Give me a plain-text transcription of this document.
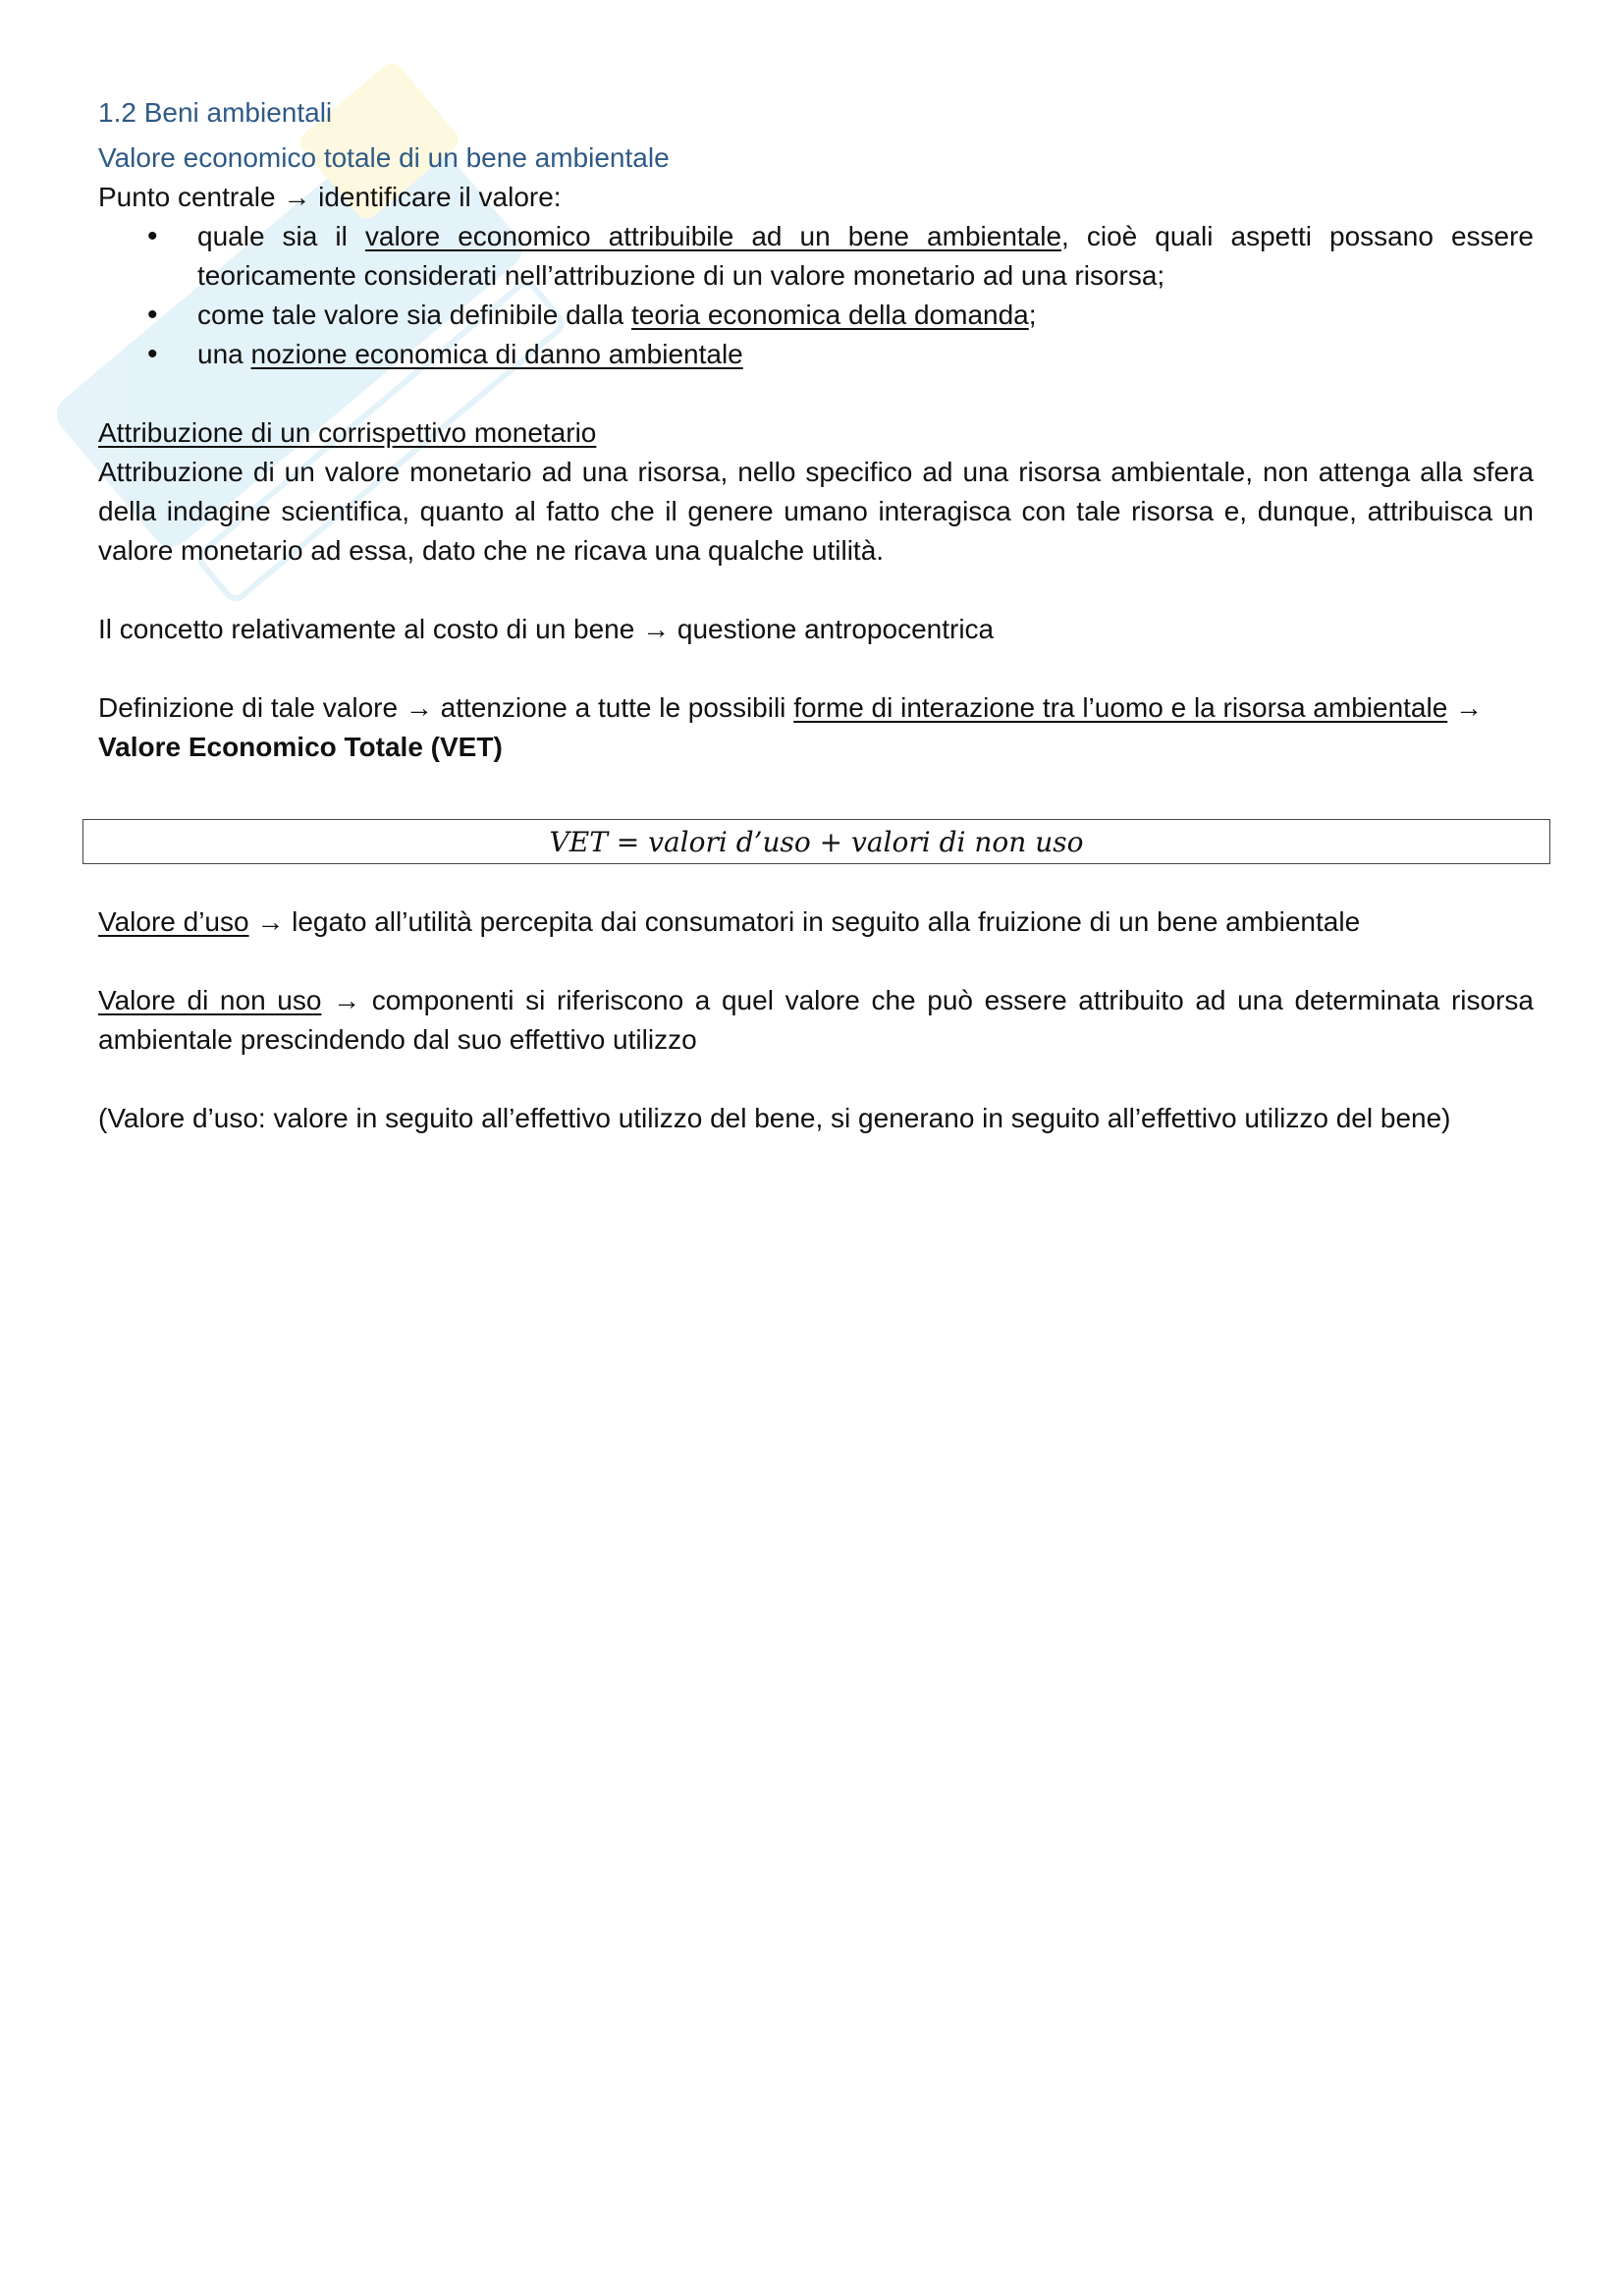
1.2 Beni ambientali
Valore economico totale di un bene ambientale

Punto centrale → identificare il valore:

• quale sia il valore economico attribuibile ad un bene ambientale, cioè quali aspetti possano essere teoricamente considerati nell’attribuzione di un valore monetario ad una risorsa;
• come tale valore sia definibile dalla teoria economica della domanda;
• una nozione economica di danno ambientale

Attribuzione di un corrispettivo monetario

Attribuzione di un valore monetario ad una risorsa, nello specifico ad una risorsa ambientale, non attenga alla sfera della indagine scientifica, quanto al fatto che il genere umano interagisca con tale risorsa e, dunque, attribuisca un valore monetario ad essa, dato che ne ricava una qualche utilità.

Il concetto relativamente al costo di un bene → questione antropocentrica

Definizione di tale valore → attenzione a tutte le possibili forme di interazione tra l’uomo e la risorsa ambientale →
Valore Economico Totale (VET)

VET = valori d’uso + valori di non uso

Valore d’uso → legato all’utilità percepita dai consumatori in seguito alla fruizione di un bene ambientale

Valore di non uso → componenti si riferiscono a quel valore che può essere attribuito ad una determinata risorsa ambientale prescindendo dal suo effettivo utilizzo

(Valore d’uso: valore in seguito all’effettivo utilizzo del bene, si generano in seguito all’effettivo utilizzo del bene)
